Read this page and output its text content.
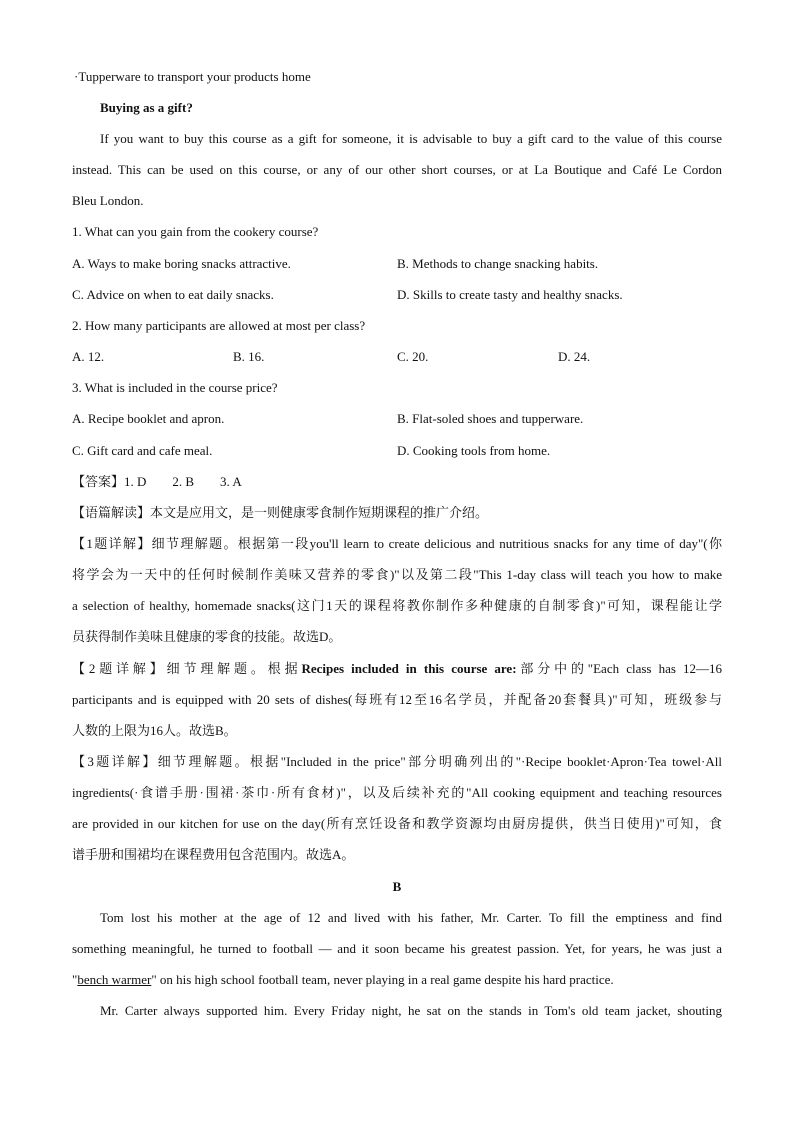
·Tupperware to transport your products home
Buying as a gift?
If you want to buy this course as a gift for someone, it is advisable to buy a gift card to the value of this course
instead. This can be used on this course, or any of our other short courses, or at La Boutique and Café Le Cordon
Bleu London.
1. What can you gain from the cookery course?
A. Ways to make boring snacks attractive.	B. Methods to change snacking habits.
C. Advice on when to eat daily snacks.	D. Skills to create tasty and healthy snacks.
2. How many participants are allowed at most per class?
A. 12.	B. 16.	C. 20.	D. 24.
3. What is included in the course price?
A. Recipe booklet and apron.	B. Flat-soled shoes and tupperware.
C. Gift card and cafe meal.	D. Cooking tools from home.
【答案】1. D        2. B        3. A
【语篇解读】本文是应用文，是一则健康零食制作短期课程的推广介绍。
【1题详解】细节理解题。根据第一段you'll learn to create delicious and nutritious snacks for any time of day"(你
将学会为一天中的任何时候制作美味又营养的零食)"以及第二段"This 1-day class will teach you how to make
a selection of healthy, homemade snacks(这门1天的课程将教你制作多种健康的自制零食)"可知，课程能让学
员获得制作美味且健康的零食的技能。故选D。
【2题详解】细节理解题。根据Recipes included in this course are:部分中的"Each class has 12—16
participants and is equipped with 20 sets of dishes(每班有12至16名学员，并配备20套餐具)"可知，班级参与
人数的上限为16人。故选B。
【3题详解】细节理解题。根据"Included in the price"部分明确列出的"·Recipe booklet·Apron·Tea towel·All
ingredients(·食谱手册·围裙·茶巾·所有食材)"，以及后续补充的"All cooking equipment and teaching resources
are provided in our kitchen for use on the day(所有烹饪设备和教学资源均由厨房提供，供当日使用)"可知，食
谱手册和围裙均在课程费用包含范围内。故选A。
B
Tom lost his mother at the age of 12 and lived with his father, Mr. Carter. To fill the emptiness and find
something meaningful, he turned to football — and it soon became his greatest passion. Yet, for years, he was just a
"bench warmer" on his high school football team, never playing in a real game despite his hard practice.
Mr. Carter always supported him. Every Friday night, he sat on the stands in Tom's old team jacket, shouting
